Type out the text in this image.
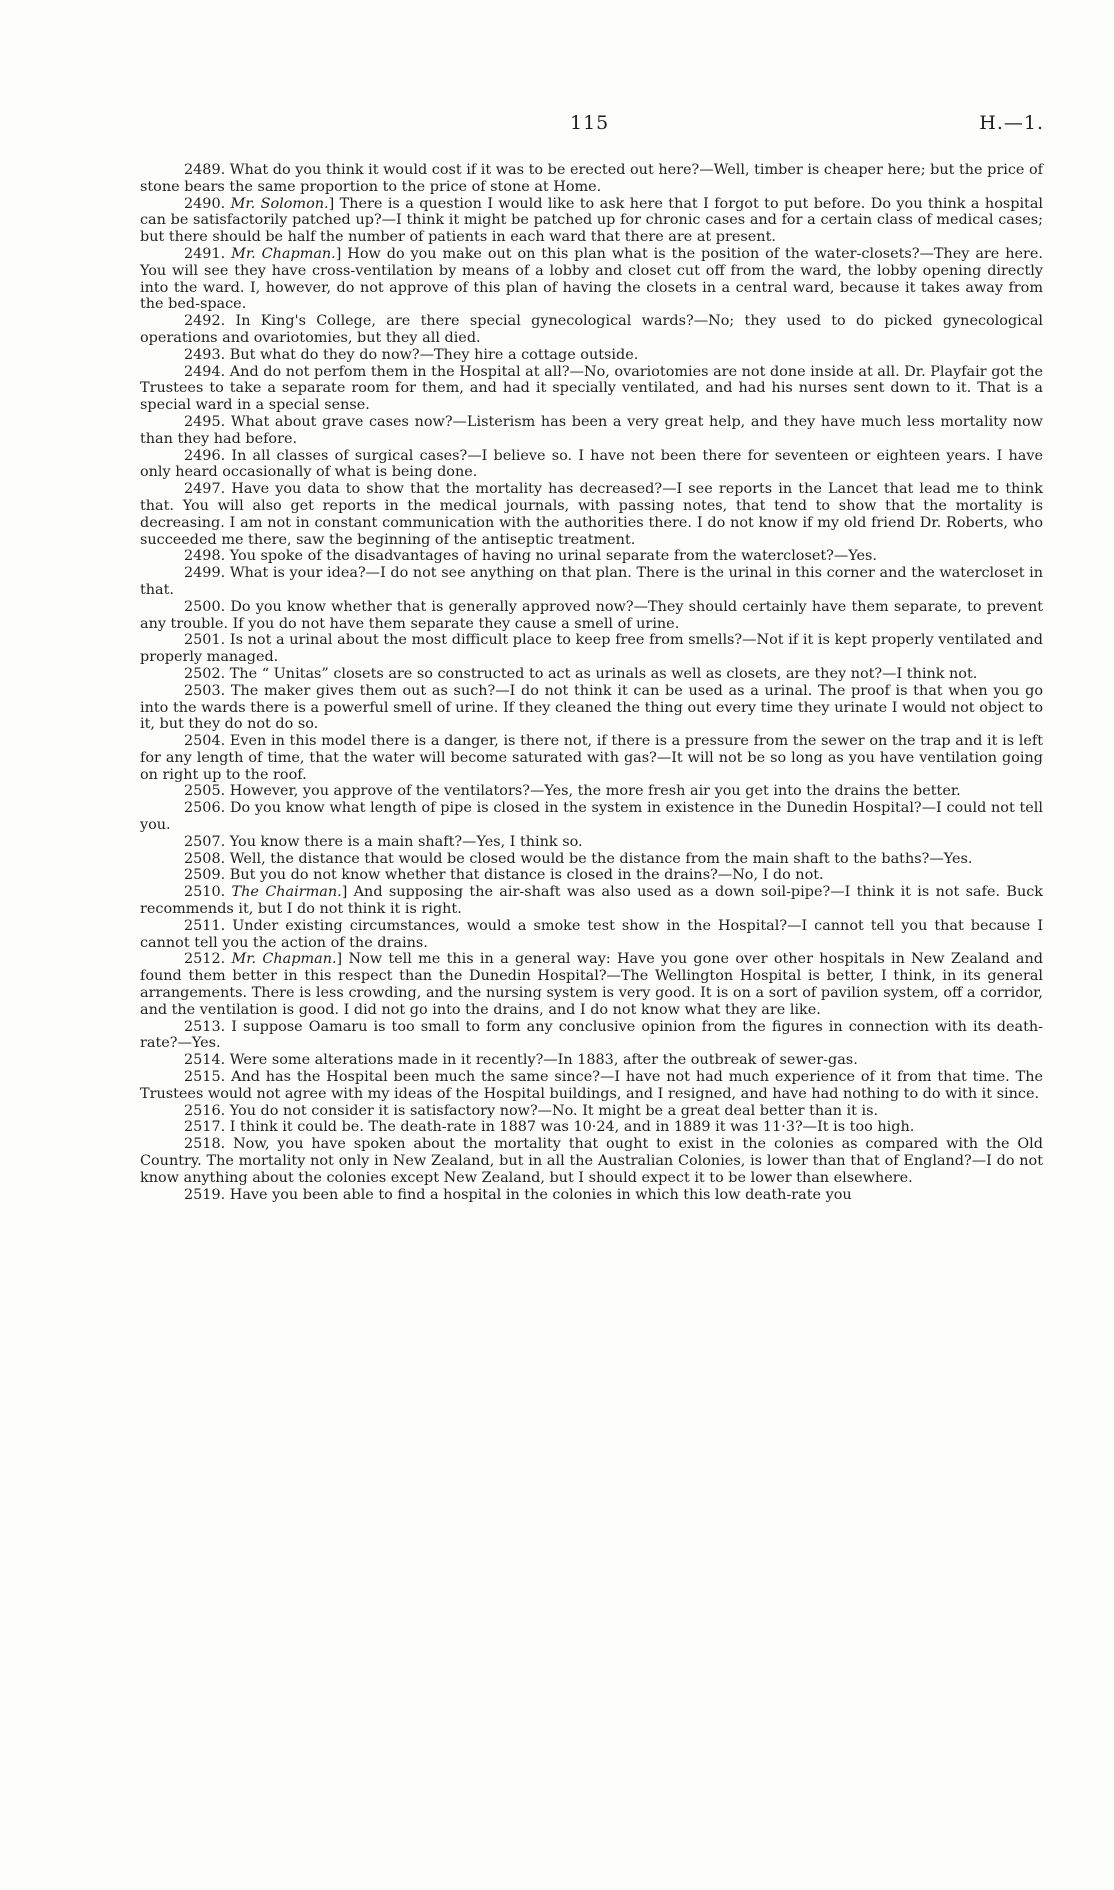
115	H.—1.

2489. What do you think it would cost if it was to be erected out here?—Well, timber is cheaper here; but the price of stone bears the same proportion to the price of stone at Home.

2490. Mr. Solomon.] There is a question I would like to ask here that I forgot to put before. Do you think a hospital can be satisfactorily patched up?—I think it might be patched up for chronic cases and for a certain class of medical cases; but there should be half the number of patients in each ward that there are at present.

2491. Mr. Chapman.] How do you make out on this plan what is the position of the water-closets?—They are here. You will see they have cross-ventilation by means of a lobby and closet cut off from the ward, the lobby opening directly into the ward. I, however, do not approve of this plan of having the closets in a central ward, because it takes away from the bed-space.

2492. In King's College, are there special gynecological wards?—No; they used to do picked gynecological operations and ovariotomies, but they all died.

2493. But what do they do now?—They hire a cottage outside.

2494. And do not perfom them in the Hospital at all?—No, ovariotomies are not done inside at all. Dr. Playfair got the Trustees to take a separate room for them, and had it specially ventilated, and had his nurses sent down to it. That is a special ward in a special sense.

2495. What about grave cases now?—Listerism has been a very great help, and they have much less mortality now than they had before.

2496. In all classes of surgical cases?—I believe so. I have not been there for seventeen or eighteen years. I have only heard occasionally of what is being done.

2497. Have you data to show that the mortality has decreased?—I see reports in the Lancet that lead me to think that. You will also get reports in the medical journals, with passing notes, that tend to show that the mortality is decreasing. I am not in constant communication with the authorities there. I do not know if my old friend Dr. Roberts, who succeeded me there, saw the beginning of the antiseptic treatment.

2498. You spoke of the disadvantages of having no urinal separate from the watercloset?—Yes.

2499. What is your idea?—I do not see anything on that plan. There is the urinal in this corner and the watercloset in that.

2500. Do you know whether that is generally approved now?—They should certainly have them separate, to prevent any trouble. If you do not have them separate they cause a smell of urine.

2501. Is not a urinal about the most difficult place to keep free from smells?—Not if it is kept properly ventilated and properly managed.

2502. The “ Unitas” closets are so constructed to act as urinals as well as closets, are they not?—I think not.

2503. The maker gives them out as such?—I do not think it can be used as a urinal. The proof is that when you go into the wards there is a powerful smell of urine. If they cleaned the thing out every time they urinate I would not object to it, but they do not do so.

2504. Even in this model there is a danger, is there not, if there is a pressure from the sewer on the trap and it is left for any length of time, that the water will become saturated with gas?—It will not be so long as you have ventilation going on right up to the roof.

2505. However, you approve of the ventilators?—Yes, the more fresh air you get into the drains the better.

2506. Do you know what length of pipe is closed in the system in existence in the Dunedin Hospital?—I could not tell you.

2507. You know there is a main shaft?—Yes, I think so.

2508. Well, the distance that would be closed would be the distance from the main shaft to the baths?—Yes.

2509. But you do not know whether that distance is closed in the drains?—No, I do not.

2510. The Chairman.] And supposing the air-shaft was also used as a down soil-pipe?—I think it is not safe. Buck recommends it, but I do not think it is right.

2511. Under existing circumstances, would a smoke test show in the Hospital?—I cannot tell you that because I cannot tell you the action of the drains.

2512. Mr. Chapman.] Now tell me this in a general way: Have you gone over other hospitals in New Zealand and found them better in this respect than the Dunedin Hospital?—The Wellington Hospital is better, I think, in its general arrangements. There is less crowding, and the nursing system is very good. It is on a sort of pavilion system, off a corridor, and the ventilation is good. I did not go into the drains, and I do not know what they are like.

2513. I suppose Oamaru is too small to form any conclusive opinion from the figures in connection with its death-rate?—Yes.

2514. Were some alterations made in it recently?—In 1883, after the outbreak of sewer-gas.

2515. And has the Hospital been much the same since?—I have not had much experience of it from that time. The Trustees would not agree with my ideas of the Hospital buildings, and I resigned, and have had nothing to do with it since.

2516. You do not consider it is satisfactory now?—No. It might be a great deal better than it is.

2517. I think it could be. The death-rate in 1887 was 10·24, and in 1889 it was 11·3?—It is too high.

2518. Now, you have spoken about the mortality that ought to exist in the colonies as compared with the Old Country. The mortality not only in New Zealand, but in all the Australian Colonies, is lower than that of England?—I do not know anything about the colonies except New Zealand, but I should expect it to be lower than elsewhere.

2519. Have you been able to find a hospital in the colonies in which this low death-rate you
